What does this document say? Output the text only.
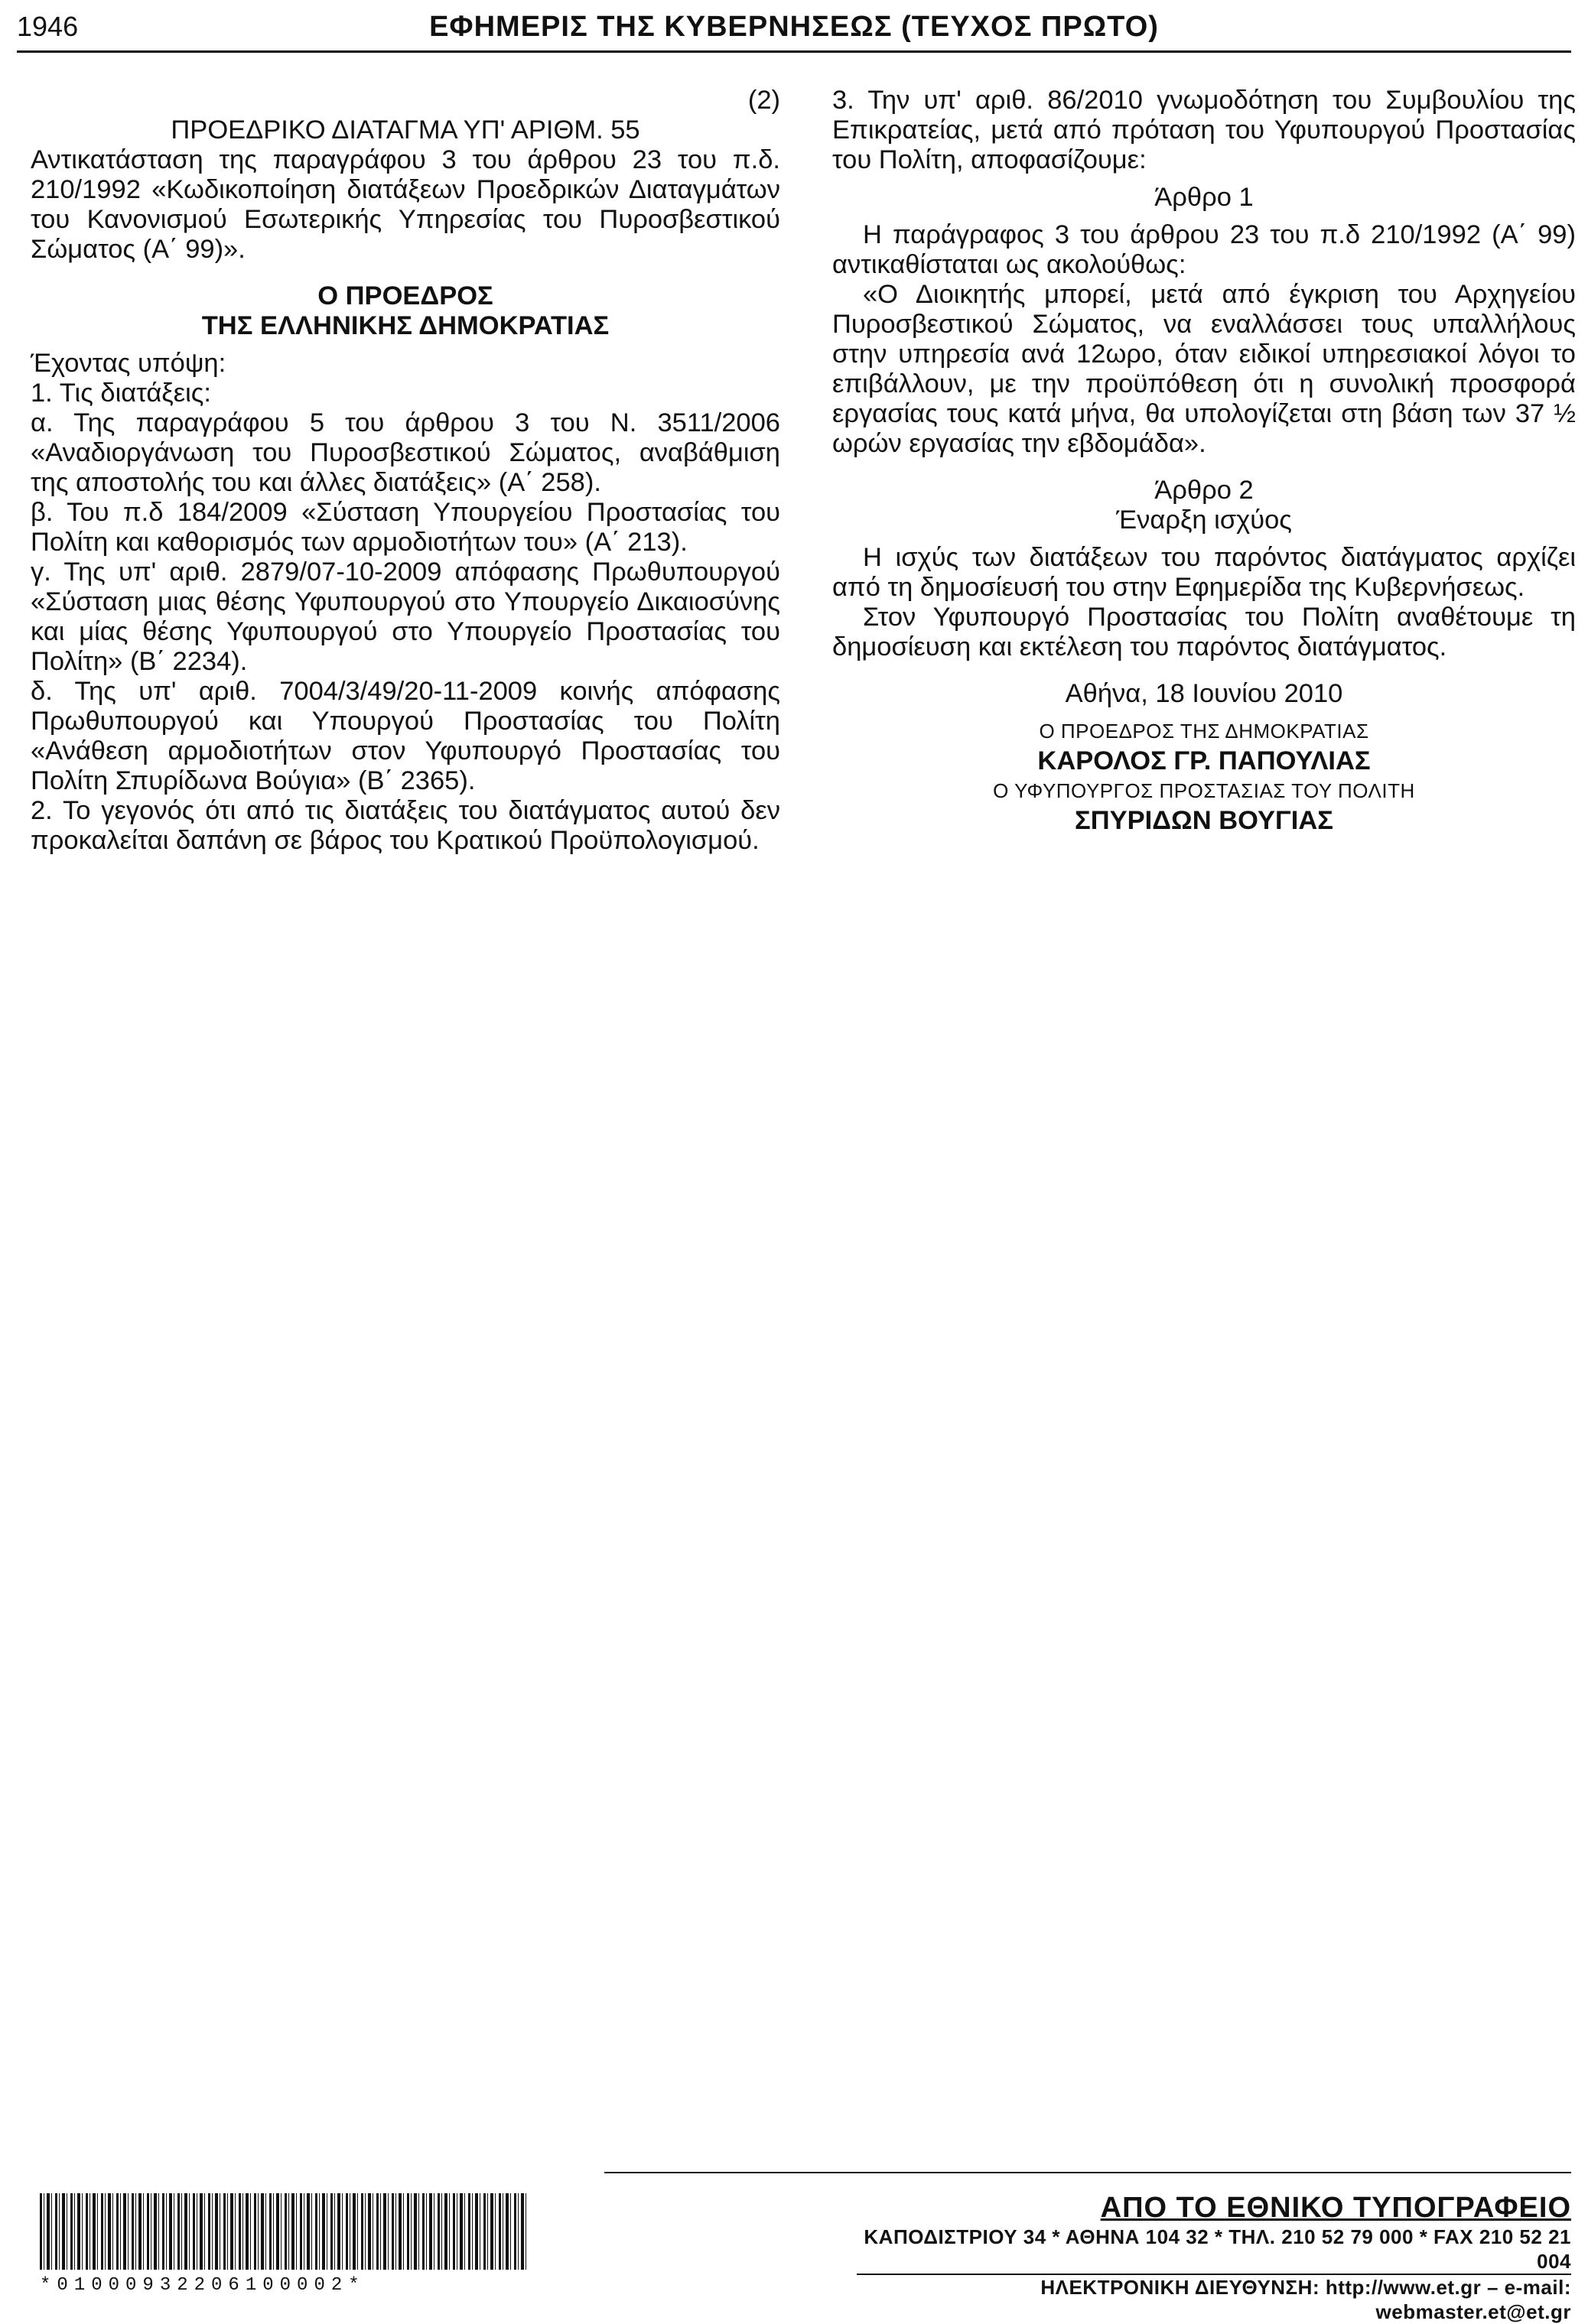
1946	ΕΦΗΜΕΡΙΣ ΤΗΣ ΚΥΒΕΡΝΗΣΕΩΣ (ΤΕΥΧΟΣ ΠΡΩΤΟ)

(2)

ΠΡΟΕΔΡΙΚΟ ΔΙΑΤΑΓΜΑ ΥΠ' ΑΡΙΘΜ. 55

Αντικατάσταση της παραγράφου 3 του άρθρου 23 του π.δ. 210/1992 «Κωδικοποίηση διατάξεων Προεδρικών Διαταγμάτων του Κανονισμού Εσωτερικής Υπηρεσίας του Πυροσβεστικού Σώματος (Α΄ 99)».

Ο ΠΡΟΕΔΡΟΣ

ΤΗΣ ΕΛΛΗΝΙΚΗΣ ΔΗΜΟΚΡΑΤΙΑΣ

Έχοντας υπόψη:

1. Τις διατάξεις:

α. Της παραγράφου 5 του άρθρου 3 του Ν. 3511/2006 «Αναδιοργάνωση του Πυροσβεστικού Σώματος, αναβάθμιση της αποστολής του και άλλες διατάξεις» (Α΄ 258).

β. Του π.δ 184/2009 «Σύσταση Υπουργείου Προστασίας του Πολίτη και καθορισμός των αρμοδιοτήτων του» (Α΄ 213).

γ. Της υπ' αριθ. 2879/07-10-2009 απόφασης Πρωθυπουργού «Σύσταση μιας θέσης Υφυπουργού στο Υπουργείο Δικαιοσύνης και μίας θέσης Υφυπουργού στο Υπουργείο Προστασίας του Πολίτη» (Β΄ 2234).

δ. Της υπ' αριθ. 7004/3/49/20-11-2009 κοινής απόφασης Πρωθυπουργού και Υπουργού Προστασίας του Πολίτη «Ανάθεση αρμοδιοτήτων στον Υφυπουργό Προστασίας του Πολίτη Σπυρίδωνα Βούγια» (Β΄ 2365).

2. Το γεγονός ότι από τις διατάξεις του διατάγματος αυτού δεν προκαλείται δαπάνη σε βάρος του Κρατικού Προϋπολογισμού.

3. Την υπ' αριθ. 86/2010 γνωμοδότηση του Συμβουλίου της Επικρατείας, μετά από πρόταση του Υφυπουργού Προστασίας του Πολίτη, αποφασίζουμε:

Άρθρο 1

Η παράγραφος 3 του άρθρου 23 του π.δ 210/1992 (Α΄ 99) αντικαθίσταται ως ακολούθως:

«Ο Διοικητής μπορεί, μετά από έγκριση του Αρχηγείου Πυροσβεστικού Σώματος, να εναλλάσσει τους υπαλλήλους στην υπηρεσία ανά 12ωρο, όταν ειδικοί υπηρεσιακοί λόγοι το επιβάλλουν, με την προϋπόθεση ότι η συνολική προσφορά εργασίας τους κατά μήνα, θα υπολογίζεται στη βάση των 37 ½ ωρών εργασίας την εβδομάδα».

Άρθρο 2

Έναρξη ισχύος

Η ισχύς των διατάξεων του παρόντος διατάγματος αρχίζει από τη δημοσίευσή του στην Εφημερίδα της Κυβερνήσεως.

Στον Υφυπουργό Προστασίας του Πολίτη αναθέτουμε τη δημοσίευση και εκτέλεση του παρόντος διατάγματος.

Αθήνα, 18 Ιουνίου 2010

Ο ΠΡΟΕΔΡΟΣ ΤΗΣ ΔΗΜΟΚΡΑΤΙΑΣ

ΚΑΡΟΛΟΣ ΓΡ. ΠΑΠΟΥΛΙΑΣ

Ο ΥΦΥΠΟΥΡΓΟΣ ΠΡΟΣΤΑΣΙΑΣ ΤΟΥ ΠΟΛΙΤΗ

ΣΠΥΡΙΔΩΝ ΒΟΥΓΙΑΣ

*01000932206100002*
ΑΠΟ ΤΟ ΕΘΝΙΚΟ ΤΥΠΟΓΡΑΦΕΙΟ
ΚΑΠΟΔΙΣΤΡΙΟΥ 34 * ΑΘΗΝΑ 104 32 * ΤΗΛ. 210 52 79 000 * FAX 210 52 21 004
ΗΛΕΚΤΡΟΝΙΚΗ ΔΙΕΥΘΥΝΣΗ: http://www.et.gr – e-mail: webmaster.et@et.gr
